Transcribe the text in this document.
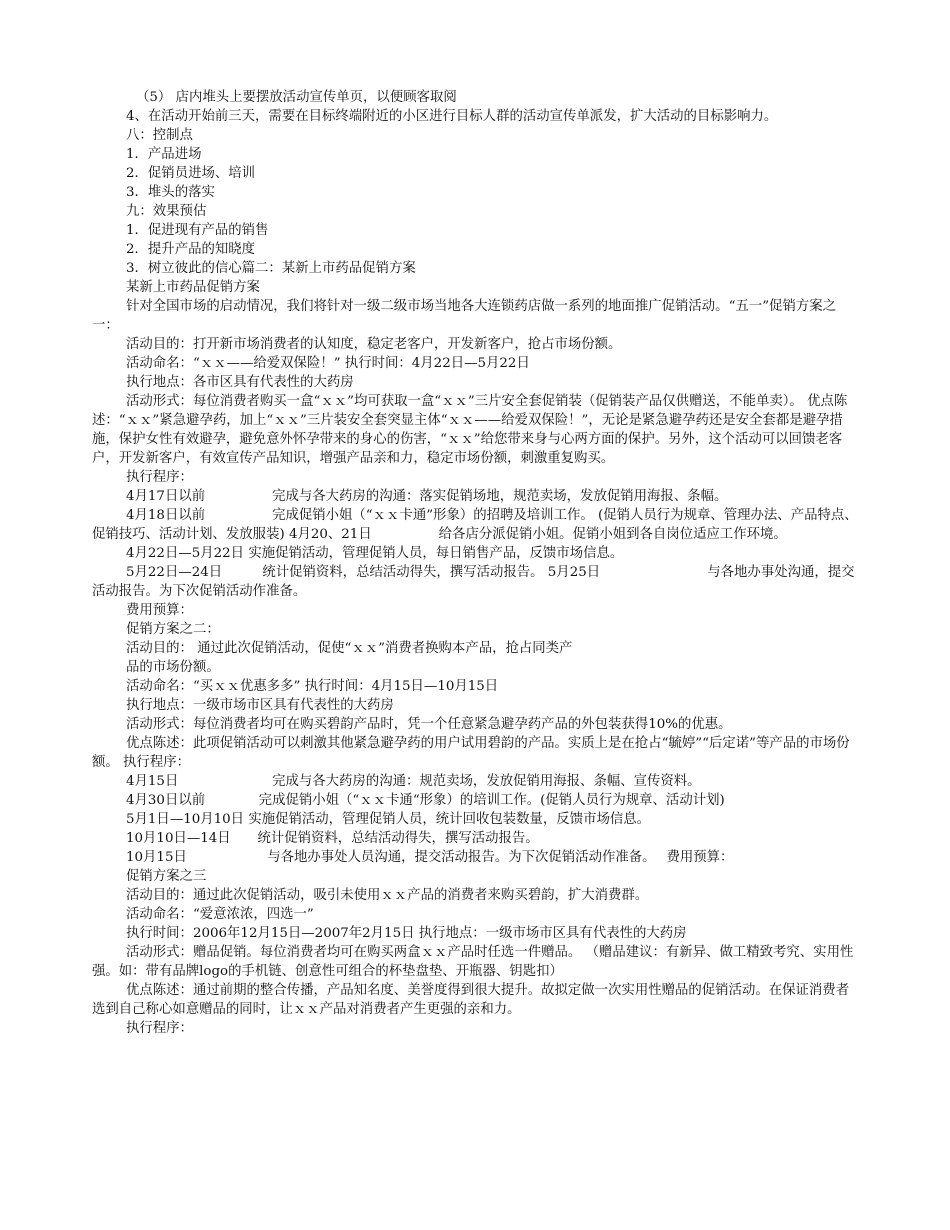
（5） 店内堆头上要摆放活动宣传单页，以便顾客取阅

4、在活动开始前三天，需要在目标终端附近的小区进行目标人群的活动宣传单派发，扩大活动的目标影响力。

八：控制点

1．产品进场

2．促销员进场、培训

3．堆头的落实

九：效果预估

1．促进现有产品的销售

2．提升产品的知晓度

3．树立彼此的信心篇二：某新上市药品促销方案

某新上市药品促销方案

针对全国市场的启动情况，我们将针对一级二级市场当地各大连锁药店做一系列的地面推广促销活动。“五一”促销方案之一：

活动目的：打开新市场消费者的认知度，稳定老客户，开发新客户，抢占市场份额。

活动命名：“ｘｘ——给爱双保险！” 执行时间：4月22日—5月22日

执行地点：各市区具有代表性的大药房

活动形式：每位消费者购买一盒“ｘｘ”均可获取一盒“ｘｘ”三片安全套促销装（促销装产品仅供赠送，不能单卖）。 优点陈述：“ｘｘ”紧急避孕药，加上“ｘｘ”三片装安全套突显主体“ｘｘ——给爱双保险！”，无论是紧急避孕药还是安全套都是避孕措施，保护女性有效避孕，避免意外怀孕带来的身心的伤害，“ｘｘ”给您带来身与心两方面的保护。另外，这个活动可以回馈老客户，开发新客户，有效宣传产品知识，增强产品亲和力，稳定市场份额，刺激重复购买。

执行程序：

4月17日以前　　　　　完成与各大药房的沟通：落实促销场地，规范卖场，发放促销用海报、条幅。

4月18日以前　　　　　完成促销小姐（“ｘｘ卡通”形象）的招聘及培训工作。 (促销人员行为规章、管理办法、产品特点、促销技巧、活动计划、发放服装) 4月20、21日　　　　　给各店分派促销小姐。促销小姐到各自岗位适应工作环境。

4月22日—5月22日 实施促销活动，管理促销人员，每日销售产品，反馈市场信息。

5月22日—24日　　　统计促销资料，总结活动得失，撰写活动报告。 5月25日　　　　　　　　与各地办事处沟通，提交活动报告。为下次促销活动作准备。

费用预算：

促销方案之二：

活动目的： 通过此次促销活动，促使“ｘｘ”消费者换购本产品，抢占同类产

品的市场份额。

活动命名：“买ｘｘ优惠多多” 执行时间：4月15日—10月15日

执行地点：一级市场市区具有代表性的大药房

活动形式：每位消费者均可在购买碧韵产品时，凭一个任意紧急避孕药产品的外包装获得10%的优惠。

优点陈述：此项促销活动可以刺激其他紧急避孕药的用户试用碧韵的产品。实质上是在抢占“毓婷”“后定诺”等产品的市场份额。 执行程序：

4月15日　　　　　　　完成与各大药房的沟通：规范卖场，发放促销用海报、条幅、宣传资料。

4月30日以前　　　　完成促销小姐（“ｘｘ卡通“形象）的培训工作。(促销人员行为规章、活动计划)

5月1日—10月10日 实施促销活动，管理促销人员，统计回收包装数量，反馈市场信息。

10月10日—14日　　统计促销资料，总结活动得失，撰写活动报告。

10月15日　　　　　　与各地办事处人员沟通，提交活动报告。为下次促销活动作准备。　 费用预算：

促销方案之三

活动目的：通过此次促销活动，吸引未使用ｘｘ产品的消费者来购买碧韵，扩大消费群。

活动命名：“爱意浓浓，四选一”

执行时间：2006年12月15日—2007年2月15日 执行地点：一级市场市区具有代表性的大药房

活动形式：赠品促销。每位消费者均可在购买两盒ｘｘ产品时任选一件赠品。 （赠品建议：有新异、做工精致考究、实用性强。如：带有品牌logo的手机链、创意性可组合的杯垫盘垫、开瓶器、钥匙扣）

优点陈述：通过前期的整合传播，产品知名度、美誉度得到很大提升。故拟定做一次实用性赠品的促销活动。在保证消费者选到自己称心如意赠品的同时，让ｘｘ产品对消费者产生更强的亲和力。

执行程序：
